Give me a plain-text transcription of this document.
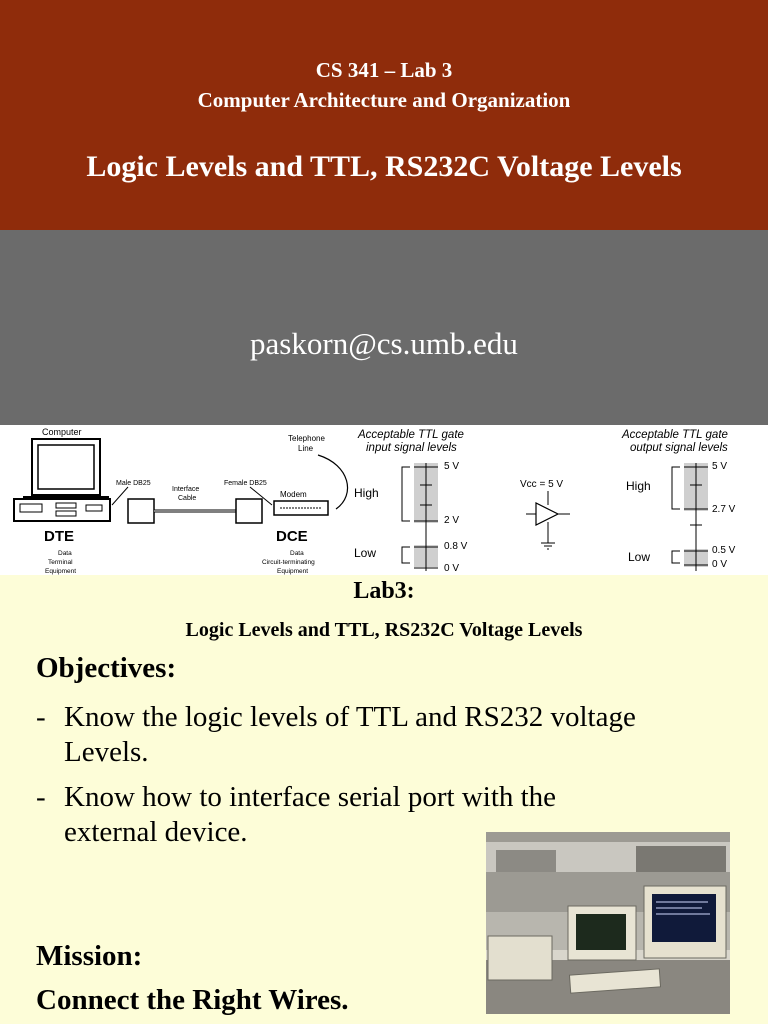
CS 341 – Lab 3
Computer Architecture and Organization
Logic Levels and TTL, RS232C Voltage Levels
paskorn@cs.umb.edu
Computer
Male DB25
Interface
Cable
Female DB25
Modem
Telephone
Line
DTE
Data
Terminal
Equipment
DCE
Data
Circuit-terminating
Equipment
Acceptable TTL gate
input signal levels
5 V
2 V
0.8 V
0 V
High
Low
Vcc = 5 V
Acceptable TTL gate
output signal levels
5 V
2.7 V
0.5 V
0 V
High
Low
Lab3:
Logic Levels and TTL, RS232C Voltage Levels
Objectives:
- Know the logic levels of TTL and RS232 voltage Levels.
- Know how to interface serial port with the external device.
Mission:
Connect the Right Wires.
